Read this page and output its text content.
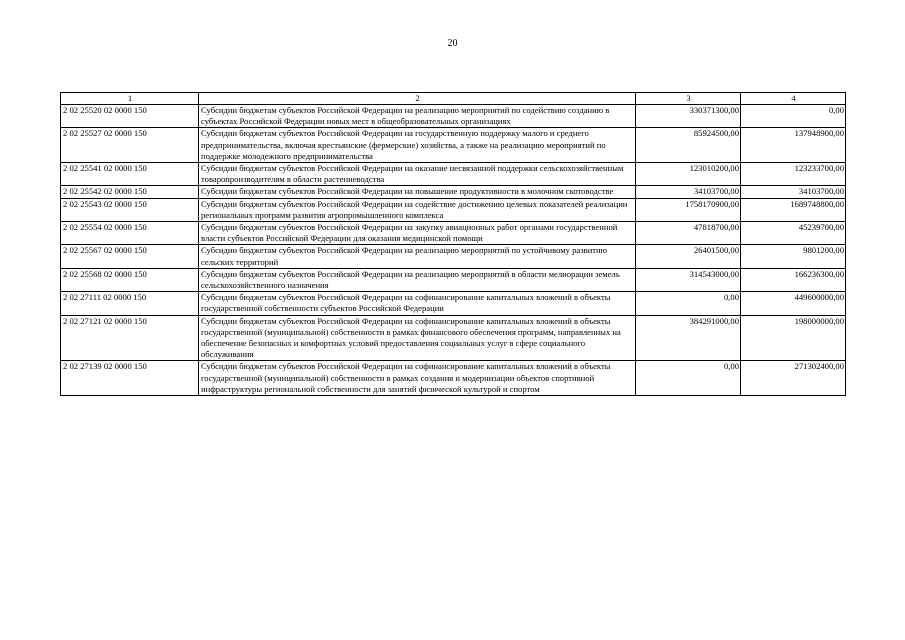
20
1	2	3	4
2 02 25520 02 0000 150	Субсидии бюджетам субъектов Российской Федерации на реализацию мероприятий по содействию созданию в субъектах Российской Федерации новых мест в общеобразовательных организациях	330371300,00	0,00
2 02 25527 02 0000 150	Субсидии бюджетам субъектов Российской Федерации на государственную поддержку малого и среднего предпринимательства, включая крестьянские (фермерские) хозяйства, а также на реализацию мероприятий по поддержке молодежного предпринимательства	85924500,00	137948900,00
2 02 25541 02 0000 150	Субсидии бюджетам субъектов Российской Федерации на оказание несвязанной поддержки сельскохозяйственным товаропроизводителям в области растениеводства	123010200,00	123233700,00
2 02 25542 02 0000 150	Субсидии бюджетам субъектов Российской Федерации на повышение продуктивности в молочном скотоводстве	34103700,00	34103700,00
2 02 25543 02 0000 150	Субсидии бюджетам субъектов Российской Федерации на содействие достижению целевых показателей реализации региональных программ развития агропромышленного комплекса	1758170900,00	1689748800,00
2 02 25554 02 0000 150	Субсидии бюджетам субъектов Российской Федерации на закупку авиационных работ органами государственной власти субъектов Российской Федерации для оказания медицинской помощи	47818700,00	45239700,00
2 02 25567 02 0000 150	Субсидии бюджетам субъектов Российской Федерации на реализацию мероприятий по устойчивому развитию сельских территорий	26401500,00	9801200,00
2 02 25568 02 0000 150	Субсидии бюджетам субъектов Российской Федерации на реализацию мероприятий в области мелиорации земель сельскохозяйственного назначения	314543000,00	166236300,00
2 02 27111 02 0000 150	Субсидии бюджетам субъектов Российской Федерации на софинансирование капитальных вложений в объекты государственной собственности субъектов Российской Федерации	0,00	449600000,00
2 02 27121 02 0000 150	Субсидии бюджетам субъектов Российской Федерации на софинансирование капитальных вложений в объекты государственной (муниципальной) собственности в рамках финансового обеспечения программ, направленных на обеспечение безопасных и комфортных условий предоставления социальных услуг в сфере социального обслуживания	384291000,00	198000000,00
2 02 27139 02 0000 150	Субсидии бюджетам субъектов Российской Федерации на софинансирование капитальных вложений в объекты государственной (муниципальной) собственности в рамках создания и модернизации объектов спортивной инфраструктуры региональной собственности для занятий физической культурой и спортом	0,00	271302400,00
